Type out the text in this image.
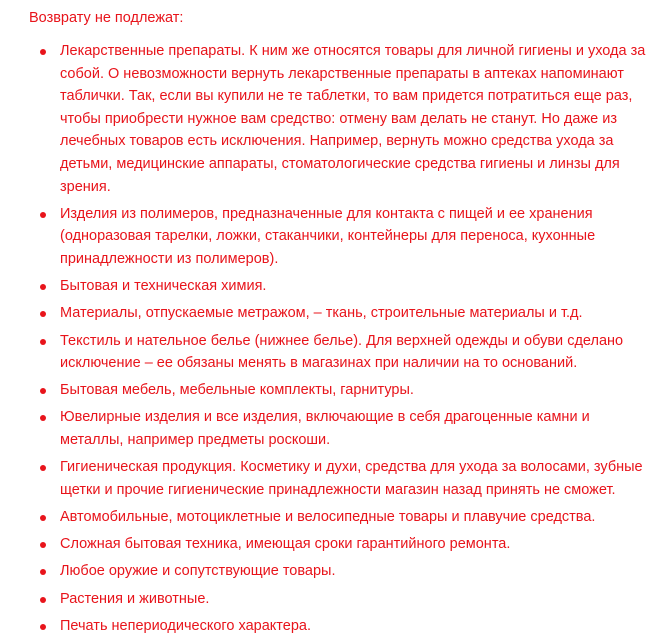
Возврату не подлежат:

Лекарственные препараты. К ним же относятся товары для личной гигиены и ухода за собой. О невозможности вернуть лекарственные препараты в аптеках напоминают таблички. Так, если вы купили не те таблетки, то вам придется потратиться еще раз, чтобы приобрести нужное вам средство: отмену вам делать не станут. Но даже из лечебных товаров есть исключения. Например, вернуть можно средства ухода за детьми, медицинские аппараты, стоматологические средства гигиены и линзы для зрения.
Изделия из полимеров, предназначенные для контакта с пищей и ее хранения (одноразовая тарелки, ложки, стаканчики, контейнеры для переноса, кухонные принадлежности из полимеров).
Бытовая и техническая химия.
Материалы, отпускаемые метражом, – ткань, строительные материалы и т.д.
Текстиль и нательное белье (нижнее белье). Для верхней одежды и обуви сделано исключение – ее обязаны менять в магазинах при наличии на то оснований.
Бытовая мебель, мебельные комплекты, гарнитуры.
Ювелирные изделия и все изделия, включающие в себя драгоценные камни и металлы, например предметы роскоши.
Гигиеническая продукция. Косметику и духи, средства для ухода за волосами, зубные щетки и прочие гигиенические принадлежности магазин назад принять не сможет.
Автомобильные, мотоциклетные и велосипедные товары и плавучие средства.
Сложная бытовая техника, имеющая сроки гарантийного ремонта.
Любое оружие и сопутствующие товары.
Растения и животные.
Печать непериодического характера.
